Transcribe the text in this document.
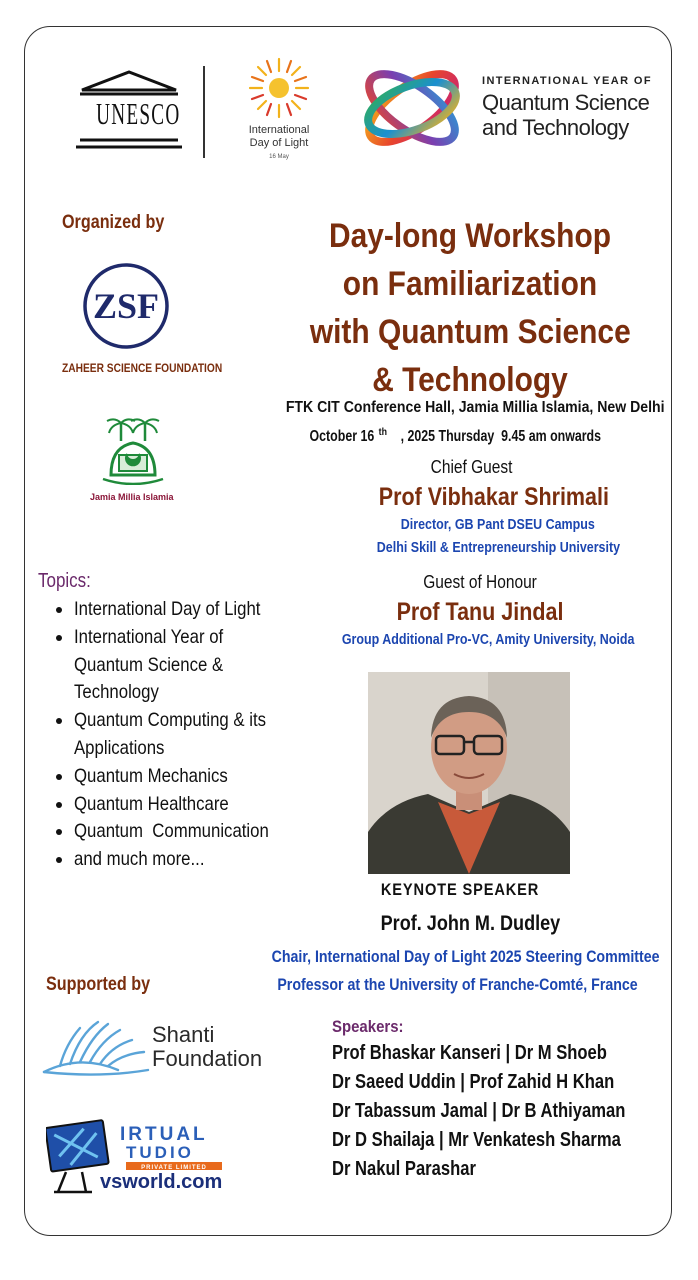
UNESCO	International
Day of Light
16 May
INTERNATIONAL YEAR OF
Quantum Science
and Technology
Organized by
ZSF
ZAHEER SCIENCE FOUNDATION
Jamia Millia Islamia
Day-long Workshop
on Familiarization
with Quantum Science
& Technology
FTK CIT Conference Hall, Jamia Millia Islamia, New Delhi
October 16 $^{th}$ , 2025 Thursday  9.45 am onwards
Chief Guest
Prof Vibhakar Shrimali
Director, GB Pant DSEU Campus
Delhi Skill & Entrepreneurship University
Guest of Honour
Prof Tanu Jindal
Group Additional Pro-VC, Amity University, Noida
Topics:
• International Day of Light
• International Year of
Quantum Science &
Technology
• Quantum Computing & its
Applications
• Quantum Mechanics
• Quantum Healthcare
• Quantum  Communication
• and much more...
KEYNOTE SPEAKER
Prof. John M. Dudley
Chair, International Day of Light 2025 Steering Committee
Professor at the University of Franche-Comté, France
Supported by
Shanti
Foundation
IRTUAL
TUDIO
PRIVATE LIMITED
vsworld.com
Speakers:
Prof Bhaskar Kanseri | Dr M Shoeb
Dr Saeed Uddin | Prof Zahid H Khan
Dr Tabassum Jamal | Dr B Athiyaman
Dr D Shailaja | Mr Venkatesh Sharma
Dr Nakul Parashar
